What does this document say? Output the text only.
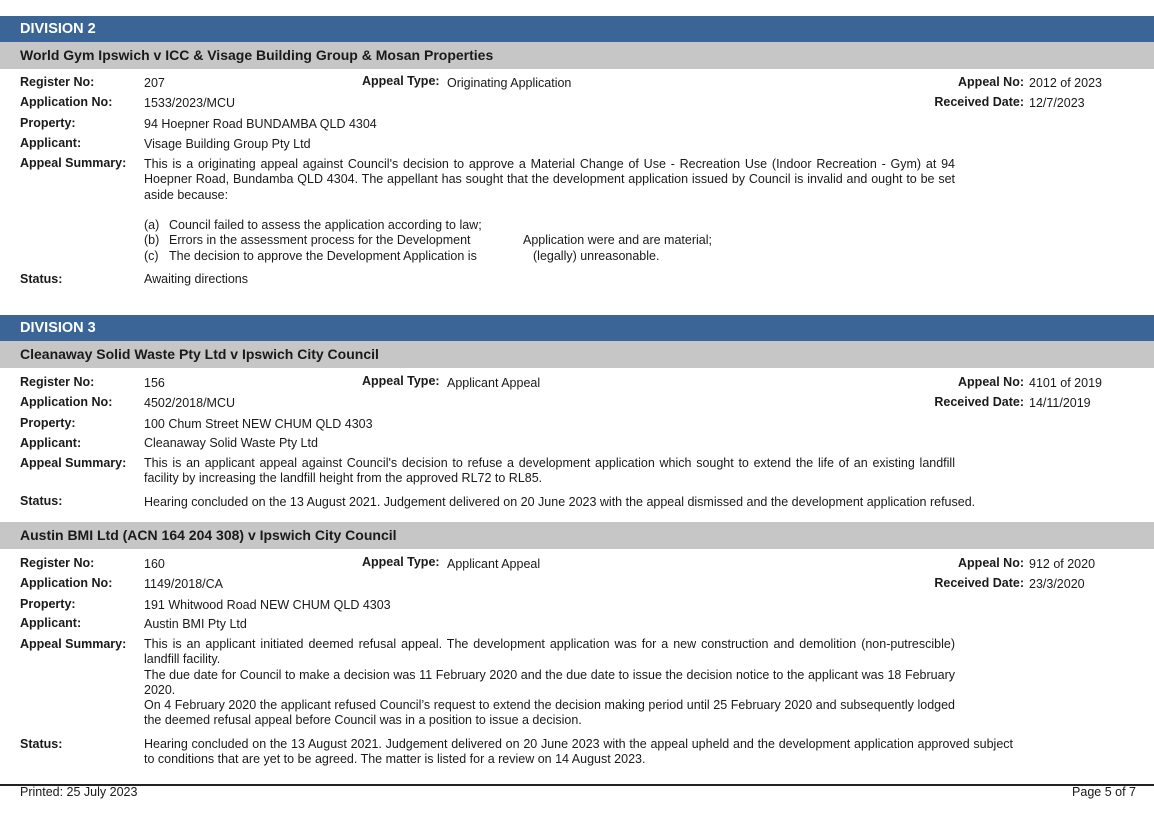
DIVISION 2
World Gym Ipswich v ICC & Visage Building Group & Mosan Properties
Register No:	207	Appeal Type: Originating Application	Appeal No: 2012 of 2023
Application No:	1533/2023/MCU	Received Date: 12/7/2023
Property:	94 Hoepner Road BUNDAMBA QLD 4304
Applicant:	Visage Building Group Pty Ltd
Appeal Summary: This is a originating appeal against Council's decision to approve a Material Change of Use - Recreation Use (Indoor Recreation - Gym) at 94 Hoepner Road, Bundamba QLD 4304. The appellant has sought that the development application issued by Council is invalid and ought to be set aside because:
(a) Council failed to assess the application according to law;
(b) Errors in the assessment process for the Development	Application were and are material;
(c) The decision to approve the Development Application is	(legally) unreasonable.
Status:	Awaiting directions
DIVISION 3
Cleanaway Solid Waste Pty Ltd v Ipswich City Council
Register No:	156	Appeal Type: Applicant Appeal	Appeal No: 4101 of 2019
Application No:	4502/2018/MCU	Received Date: 14/11/2019
Property:	100 Chum Street NEW CHUM QLD 4303
Applicant:	Cleanaway Solid Waste Pty Ltd
Appeal Summary: This is an applicant appeal against Council's decision to refuse a development application which sought to extend the life of an existing landfill facility by increasing the landfill height from the approved RL72 to RL85.
Status:	Hearing concluded on the 13 August 2021. Judgement delivered on 20 June 2023 with the appeal dismissed and the development application refused.
Austin BMI Ltd (ACN 164 204 308) v Ipswich City Council
Register No:	160	Appeal Type: Applicant Appeal	Appeal No: 912 of 2020
Application No:	1149/2018/CA	Received Date: 23/3/2020
Property:	191 Whitwood Road NEW CHUM QLD 4303
Applicant:	Austin BMI Pty Ltd
Appeal Summary: This is an applicant initiated deemed refusal appeal. The development application was for a new construction and demolition (non-putrescible) landfill facility.

The due date for Council to make a decision was 11 February 2020 and the due date to issue the decision notice to the applicant was 18 February 2020.

On 4 February 2020 the applicant refused Council’s request to extend the decision making period until 25 February 2020 and subsequently lodged the deemed refusal appeal before Council was in a position to issue a decision.

Status:	Hearing concluded on the 13 August 2021. Judgement delivered on 20 June 2023 with the appeal upheld and the development application approved subject to conditions that are yet to be agreed. The matter is listed for a review on 14 August 2023.
Printed: 25 July 2023	Page 5 of 7
